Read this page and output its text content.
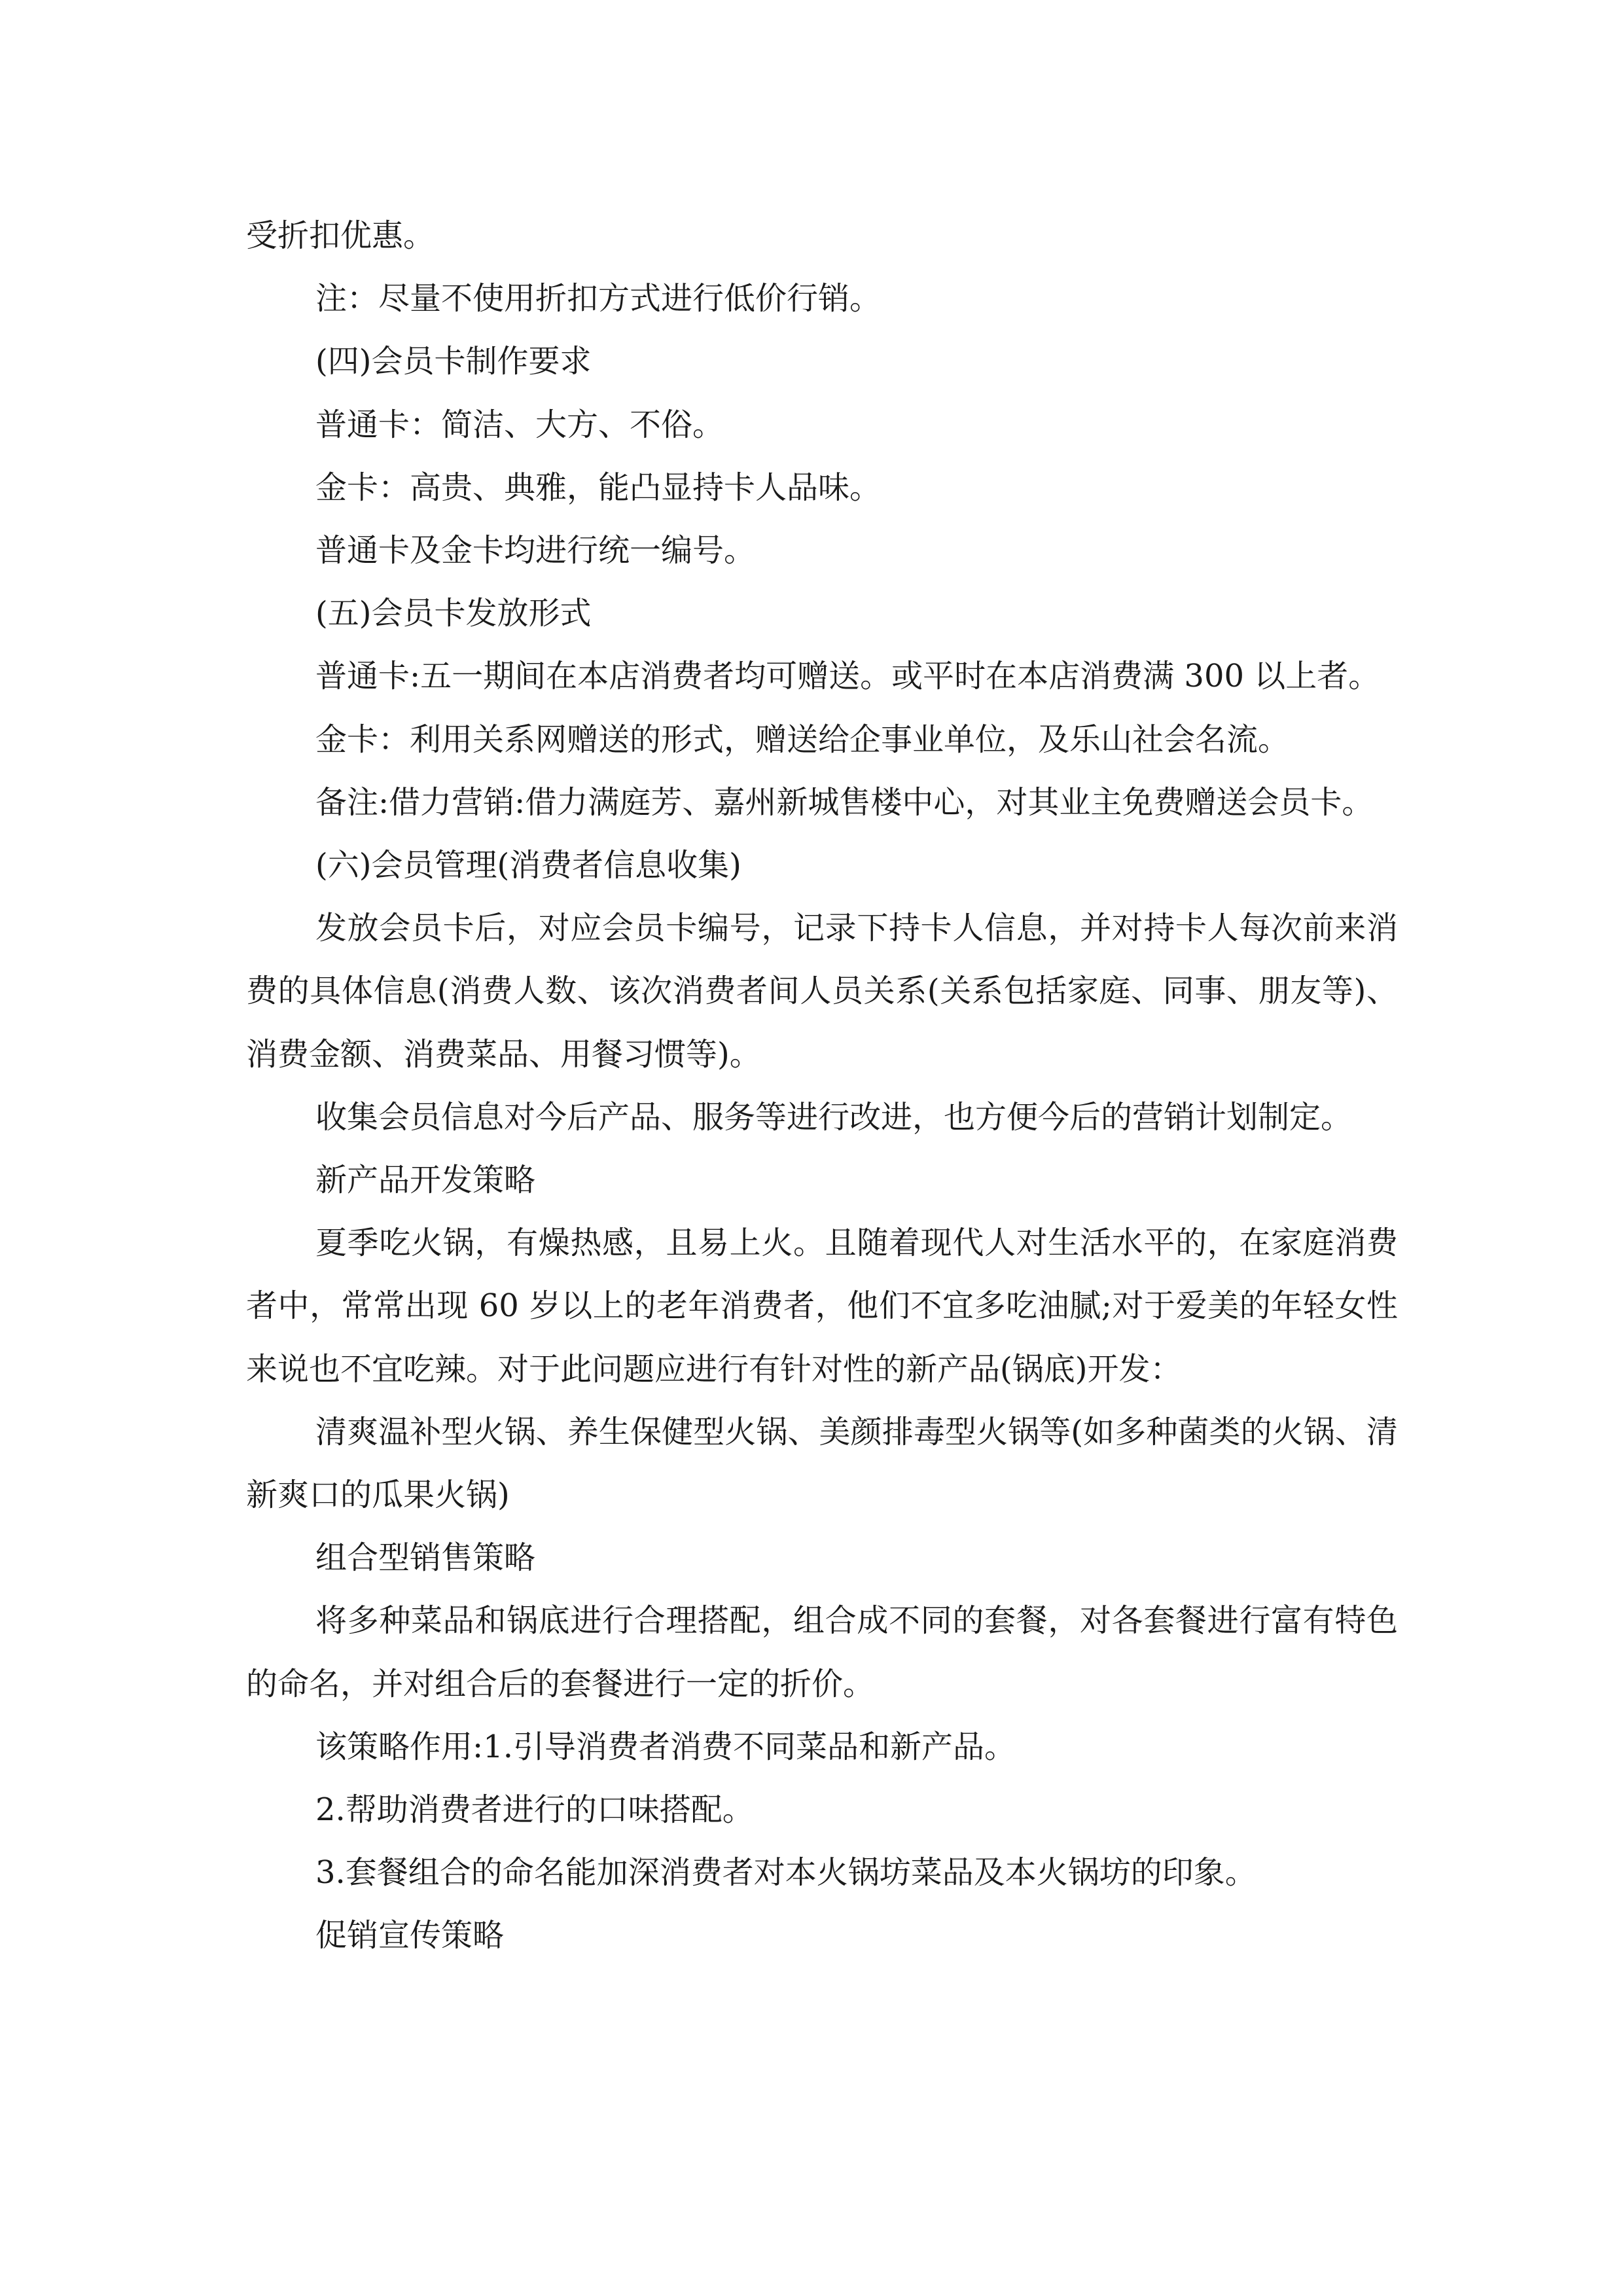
受折扣优惠。

注：尽量不使用折扣方式进行低价行销。

(四)会员卡制作要求

普通卡：简洁、大方、不俗。

金卡：高贵、典雅，能凸显持卡人品味。

普通卡及金卡均进行统一编号。

(五)会员卡发放形式

普通卡:五一期间在本店消费者均可赠送。或平时在本店消费满 300 以上者。

金卡：利用关系网赠送的形式，赠送给企事业单位，及乐山社会名流。

备注:借力营销:借力满庭芳、嘉州新城售楼中心，对其业主免费赠送会员卡。

(六)会员管理(消费者信息收集)

发放会员卡后，对应会员卡编号，记录下持卡人信息，并对持卡人每次前来消费的具体信息(消费人数、该次消费者间人员关系(关系包括家庭、同事、朋友等)、消费金额、消费菜品、用餐习惯等)。

收集会员信息对今后产品、服务等进行改进，也方便今后的营销计划制定。

新产品开发策略

夏季吃火锅，有燥热感，且易上火。且随着现代人对生活水平的，在家庭消费者中，常常出现 60 岁以上的老年消费者，他们不宜多吃油腻;对于爱美的年轻女性来说也不宜吃辣。对于此问题应进行有针对性的新产品(锅底)开发：

清爽温补型火锅、养生保健型火锅、美颜排毒型火锅等(如多种菌类的火锅、清新爽口的瓜果火锅)

组合型销售策略

将多种菜品和锅底进行合理搭配，组合成不同的套餐，对各套餐进行富有特色的命名，并对组合后的套餐进行一定的折价。

该策略作用:1.引导消费者消费不同菜品和新产品。

2.帮助消费者进行的口味搭配。

3.套餐组合的命名能加深消费者对本火锅坊菜品及本火锅坊的印象。

促销宣传策略
